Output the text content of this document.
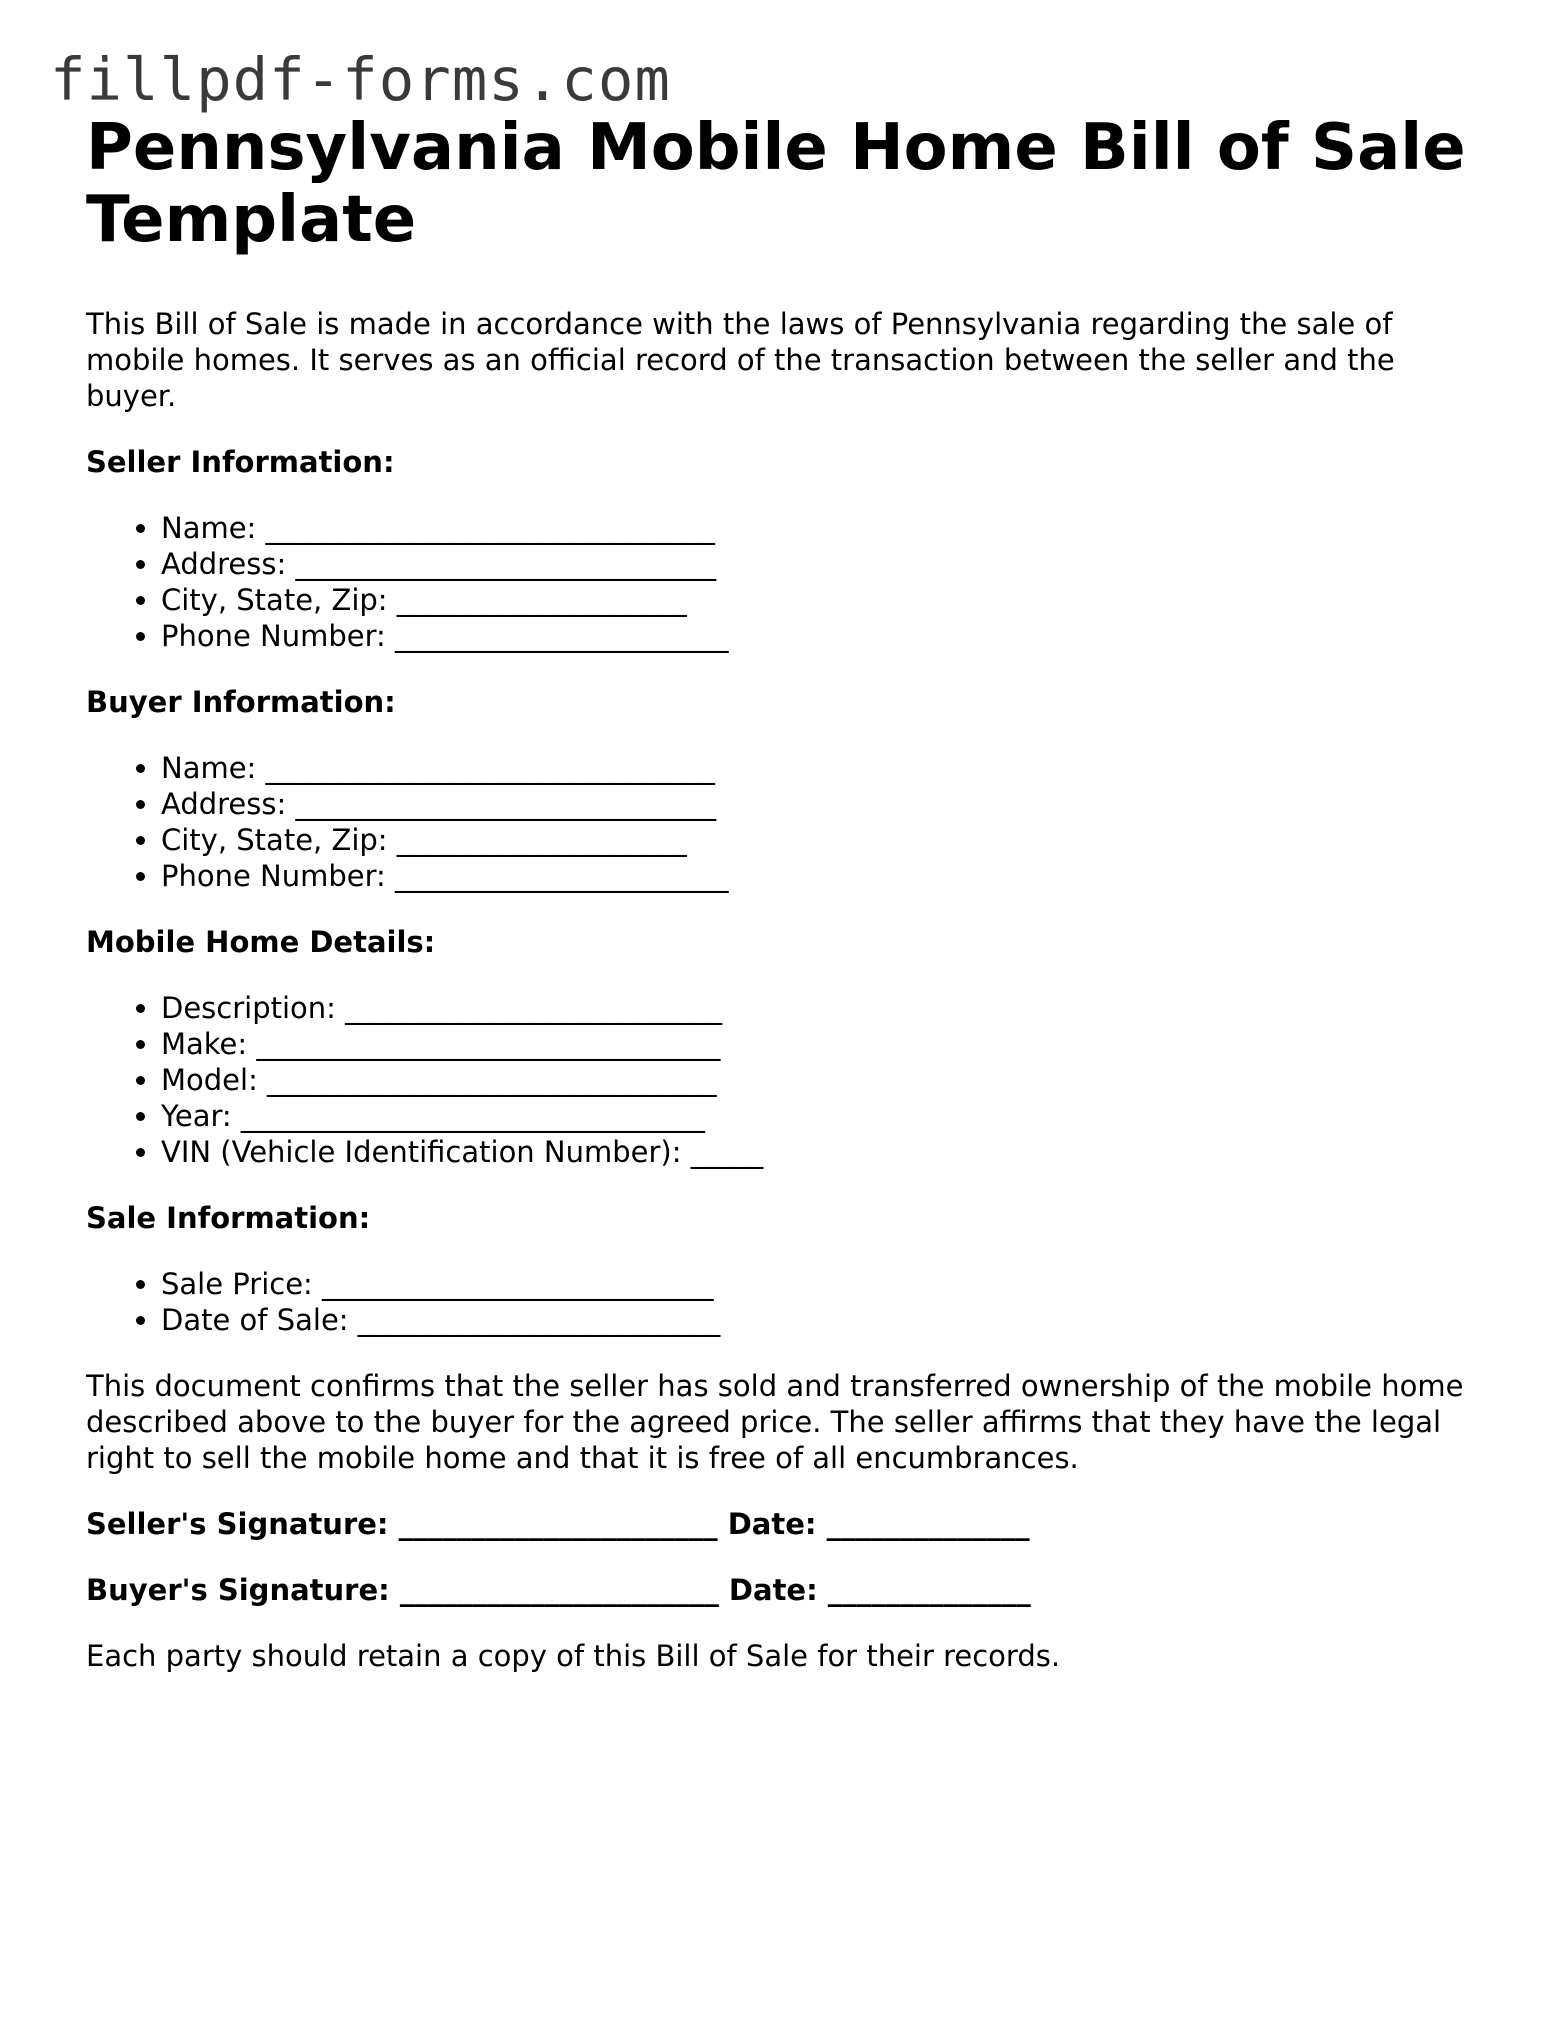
fillpdf-forms.com
Pennsylvania Mobile Home Bill of Sale Template

This Bill of Sale is made in accordance with the laws of Pennsylvania regarding the sale of mobile homes. It serves as an official record of the transaction between the seller and the buyer.

Seller Information:
• Name: _______________________________
• Address: _____________________________
• City, State, Zip: ____________________
• Phone Number: _______________________
Buyer Information:
• Name: _______________________________
• Address: _____________________________
• City, State, Zip: ____________________
• Phone Number: _______________________
Mobile Home Details:
• Description: __________________________
• Make: ________________________________
• Model: _______________________________
• Year: ________________________________
• VIN (Vehicle Identification Number): _____
Sale Information:
• Sale Price: ___________________________
• Date of Sale: _________________________

This document confirms that the seller has sold and transferred ownership of the mobile home described above to the buyer for the agreed price. The seller affirms that they have the legal right to sell the mobile home and that it is free of all encumbrances.

Seller's Signature: ______________________ Date: ______________

Buyer's Signature: ______________________ Date: ______________

Each party should retain a copy of this Bill of Sale for their records.
